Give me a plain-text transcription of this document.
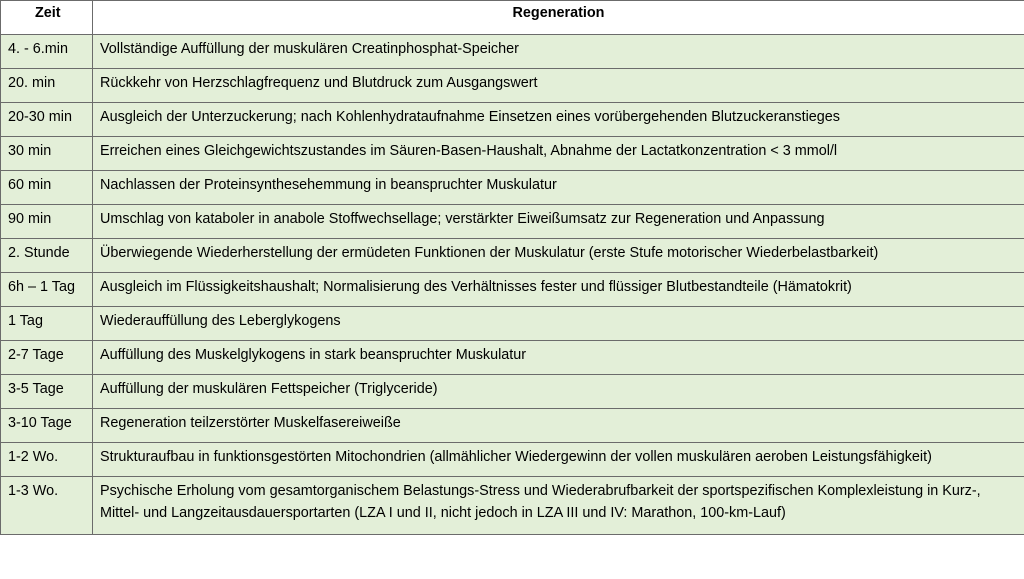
Zeit	Regeneration
4. - 6.min	Vollständige Auffüllung der muskulären Creatinphosphat-Speicher
20. min	Rückkehr von Herzschlagfrequenz und Blutdruck zum Ausgangswert
20-30 min	Ausgleich der Unterzuckerung; nach Kohlenhydrataufnahme Einsetzen eines vorübergehenden Blutzuckeranstieges
30 min	Erreichen eines Gleichgewichtszustandes im Säuren-Basen-Haushalt, Abnahme der Lactatkonzentration < 3 mmol/l
60 min	Nachlassen der Proteinsynthesehemmung in beanspruchter Muskulatur
90 min	Umschlag von kataboler in anabole Stoffwechsellage; verstärkter Eiweißumsatz zur Regeneration und Anpassung
2. Stunde	Überwiegende Wiederherstellung der ermüdeten Funktionen der Muskulatur (erste Stufe motorischer Wiederbelastbarkeit)
6h – 1 Tag	Ausgleich im Flüssigkeitshaushalt; Normalisierung des Verhältnisses fester und flüssiger Blutbestandteile (Hämatokrit)
1 Tag	Wiederauffüllung des Leberglykogens
2-7 Tage	Auffüllung des Muskelglykogens in stark beanspruchter Muskulatur
3-5 Tage	Auffüllung der muskulären Fettspeicher (Triglyceride)
3-10 Tage	Regeneration teilzerstörter Muskelfasereiweiße
1-2 Wo.	Strukturaufbau in funktionsgestörten Mitochondrien (allmählicher Wiedergewinn der vollen muskulären aeroben Leistungsfähigkeit)
1-3 Wo.	Psychische Erholung vom gesamtorganischem Belastungs-Stress und Wiederabrufbarkeit der sportspezifischen Komplexleistung in Kurz-, Mittel- und Langzeitausdauersportarten (LZA I und II, nicht jedoch in LZA III und IV: Marathon, 100-km-Lauf)
